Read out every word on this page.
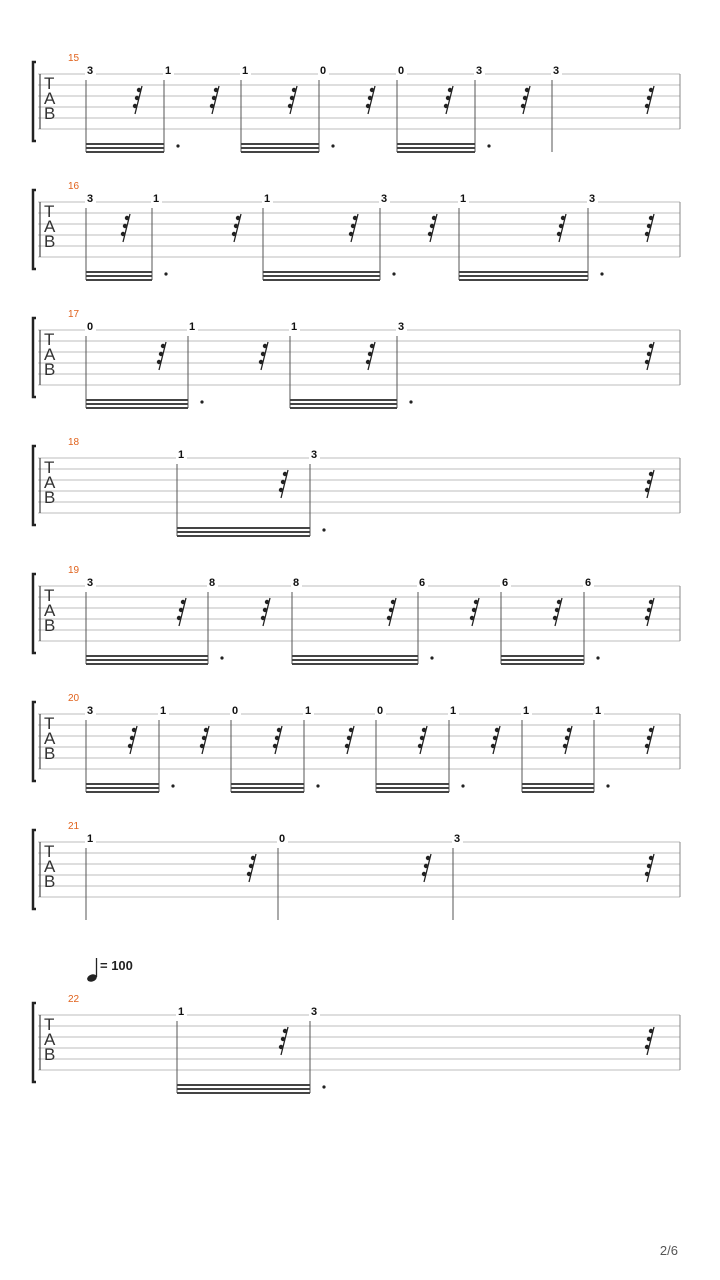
= 100
T
A
B
15
3	1	1	0	0	3	3
T
A
B
16
3	1	1	3	1	3
T
A
B
17
0	1	1	3
T
A
B
18
1	3
T
A
B
19
3	8	8	6	6	6
T
A
B
20
3	1	0	1	0	1	1	1
T
A
B
21
1	0	3
T
A
B
22
1	3
2/6
